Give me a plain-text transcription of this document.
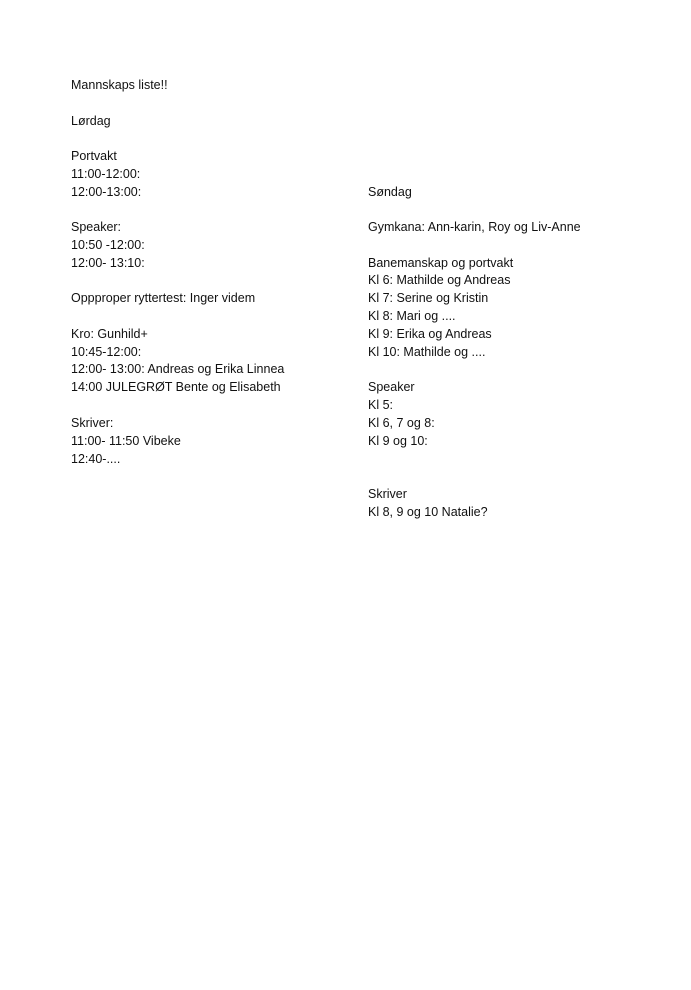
Mannskaps liste!!
Lørdag
Portvakt
11:00-12:00:
12:00-13:00:
Speaker:
10:50 -12:00:
12:00- 13:10:
Oppproper ryttertest: Inger videm
Kro: Gunhild+
10:45-12:00:
12:00- 13:00: Andreas og Erika Linnea
14:00 JULEGRØT Bente og Elisabeth
Skriver:
11:00- 11:50 Vibeke
12:40-....
Søndag
Gymkana: Ann-karin, Roy og Liv-Anne
Banemanskap og portvakt
Kl 6: Mathilde og Andreas
Kl 7: Serine og Kristin
Kl 8: Mari og ....
Kl 9: Erika og Andreas
Kl 10: Mathilde og ....
Speaker
Kl 5:
Kl 6, 7 og 8:
Kl 9 og 10:
Skriver
Kl 8, 9 og 10 Natalie?
